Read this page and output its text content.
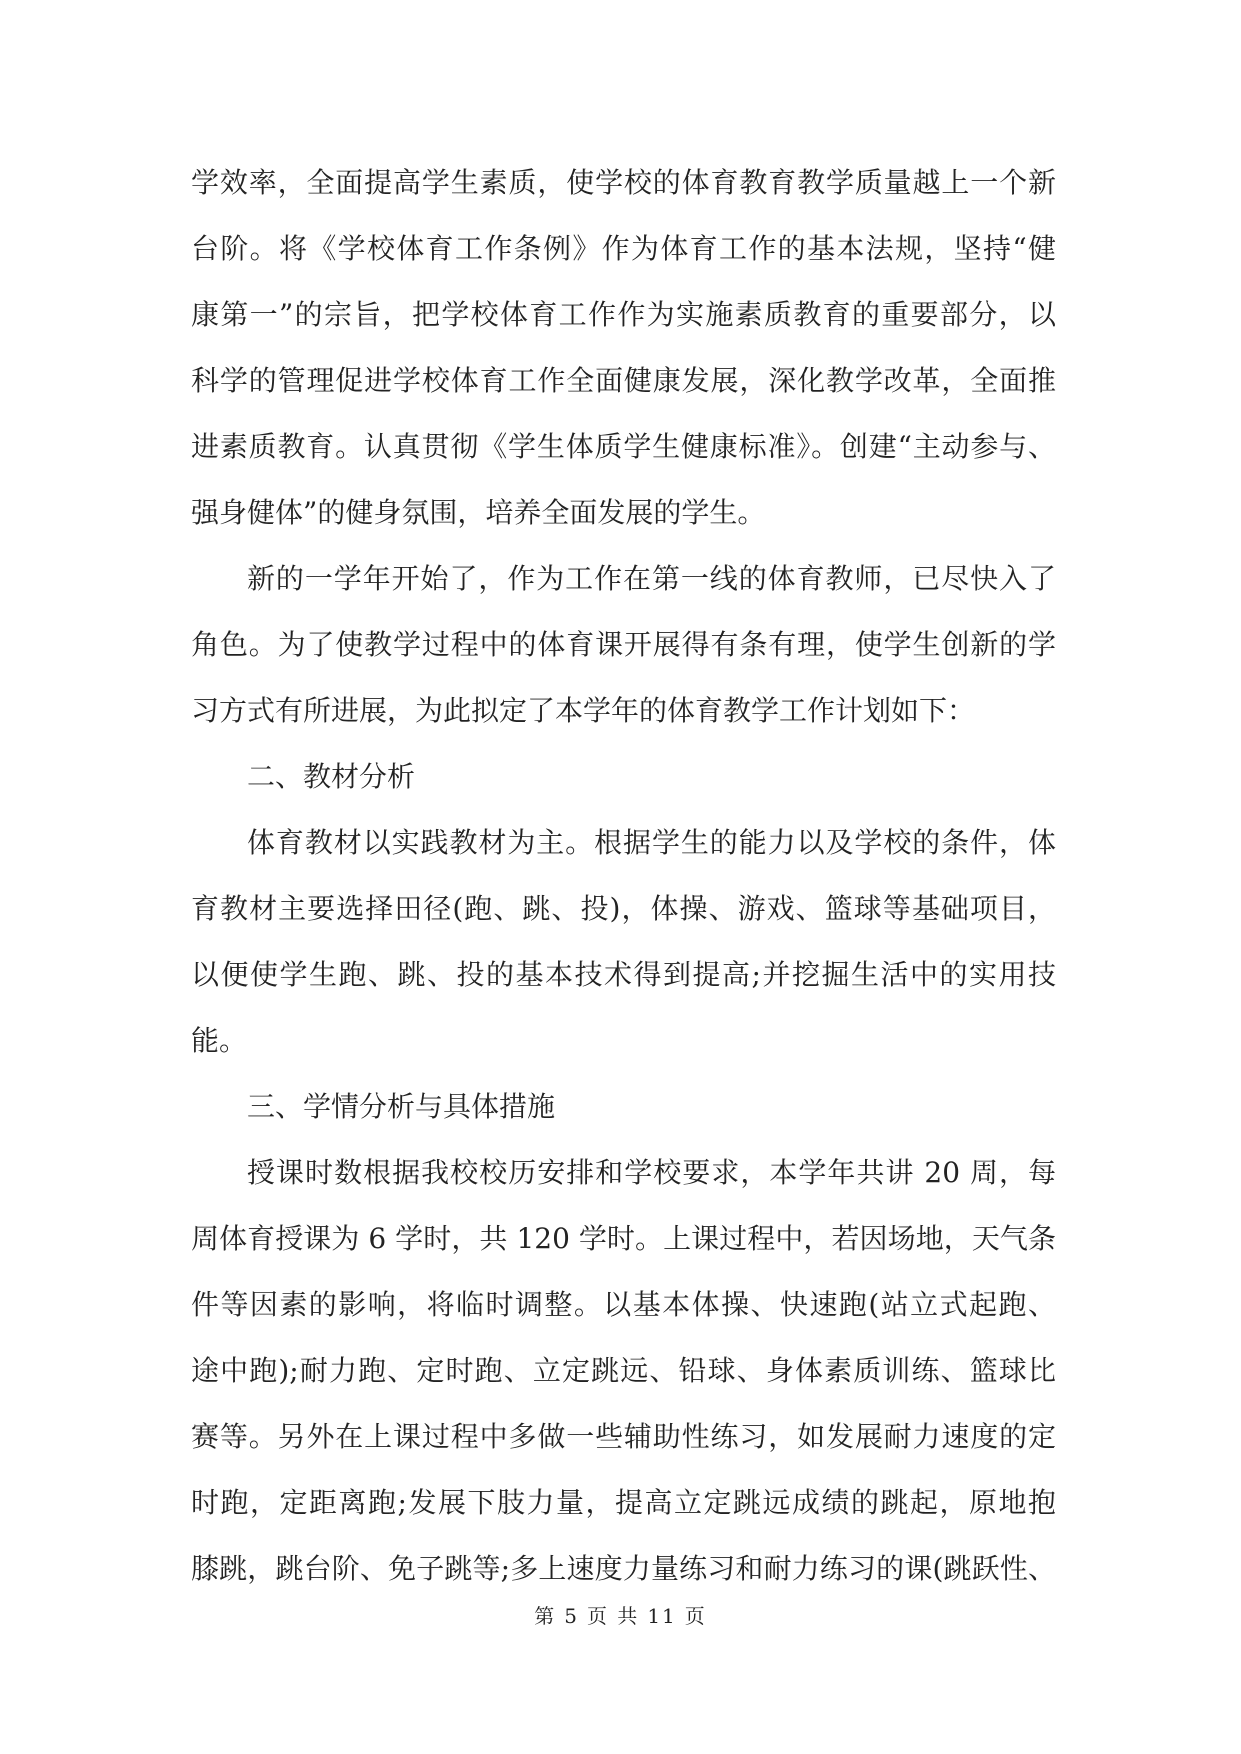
学效率，全面提高学生素质，使学校的体育教育教学质量越上一个新
台阶。将《学校体育工作条例》作为体育工作的基本法规，坚持“健
康第一”的宗旨，把学校体育工作作为实施素质教育的重要部分，以
科学的管理促进学校体育工作全面健康发展，深化教学改革，全面推
进素质教育。认真贯彻《学生体质学生健康标准》。创建“主动参与、
强身健体”的健身氛围，培养全面发展的学生。
新的一学年开始了，作为工作在第一线的体育教师，已尽快入了
角色。为了使教学过程中的体育课开展得有条有理，使学生创新的学
习方式有所进展，为此拟定了本学年的体育教学工作计划如下：
二、教材分析
体育教材以实践教材为主。根据学生的能力以及学校的条件，体
育教材主要选择田径(跑、跳、投)，体操、游戏、篮球等基础项目，
以便使学生跑、跳、投的基本技术得到提高;并挖掘生活中的实用技
能。
三、学情分析与具体措施
授课时数根据我校校历安排和学校要求，本学年共讲 20 周，每
周体育授课为 6 学时，共 120 学时。上课过程中，若因场地，天气条
件等因素的影响，将临时调整。以基本体操、快速跑(站立式起跑、
途中跑);耐力跑、定时跑、立定跳远、铅球、身体素质训练、篮球比
赛等。另外在上课过程中多做一些辅助性练习，如发展耐力速度的定
时跑，定距离跑;发展下肢力量，提高立定跳远成绩的跳起，原地抱
膝跳，跳台阶、免子跳等;多上速度力量练习和耐力练习的课(跳跃性、
第 5 页 共 11 页
